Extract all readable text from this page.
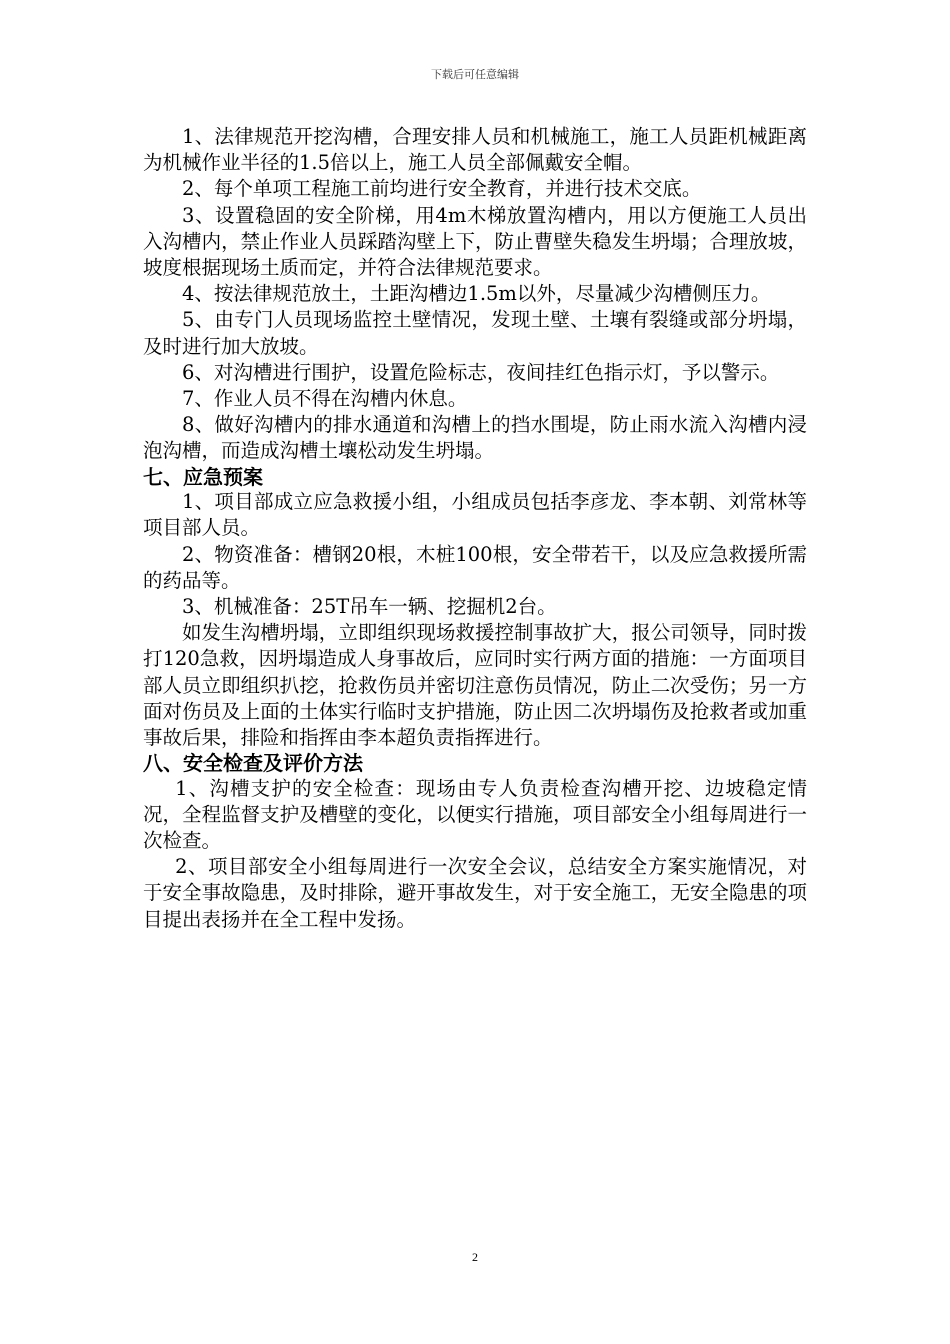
下载后可任意编辑

1、法律规范开挖沟槽，合理安排人员和机械施工，施工人员距机械距离为机械作业半径的1.5倍以上，施工人员全部佩戴安全帽。

2、每个单项工程施工前均进行安全教育，并进行技术交底。

3、设置稳固的安全阶梯，用4m木梯放置沟槽内，用以方便施工人员出入沟槽内，禁止作业人员踩踏沟壁上下，防止曹壁失稳发生坍塌；合理放坡，坡度根据现场土质而定，并符合法律规范要求。

4、按法律规范放土，土距沟槽边1.5m以外，尽量减少沟槽侧压力。

5、由专门人员现场监控土壁情况，发现土壁、土壤有裂缝或部分坍塌，及时进行加大放坡。

6、对沟槽进行围护，设置危险标志，夜间挂红色指示灯，予以警示。

7、作业人员不得在沟槽内休息。

8、做好沟槽内的排水通道和沟槽上的挡水围堤，防止雨水流入沟槽内浸泡沟槽，而造成沟槽土壤松动发生坍塌。

七、应急预案

1、项目部成立应急救援小组，小组成员包括李彦龙、李本朝、刘常林等项目部人员。

2、物资准备：槽钢20根，木桩100根，安全带若干，以及应急救援所需的药品等。

3、机械准备：25T吊车一辆、挖掘机2台。

如发生沟槽坍塌，立即组织现场救援控制事故扩大，报公司领导，同时拨打120急救，因坍塌造成人身事故后，应同时实行两方面的措施：一方面项目部人员立即组织扒挖，抢救伤员并密切注意伤员情况，防止二次受伤；另一方面对伤员及上面的土体实行临时支护措施，防止因二次坍塌伤及抢救者或加重事故后果，排险和指挥由李本超负责指挥进行。

八、安全检查及评价方法

1、沟槽支护的安全检查：现场由专人负责检查沟槽开挖、边坡稳定情况，全程监督支护及槽壁的变化，以便实行措施，项目部安全小组每周进行一次检查。

2、项目部安全小组每周进行一次安全会议，总结安全方案实施情况，对于安全事故隐患，及时排除，避开事故发生，对于安全施工，无安全隐患的项目提出表扬并在全工程中发扬。

2
